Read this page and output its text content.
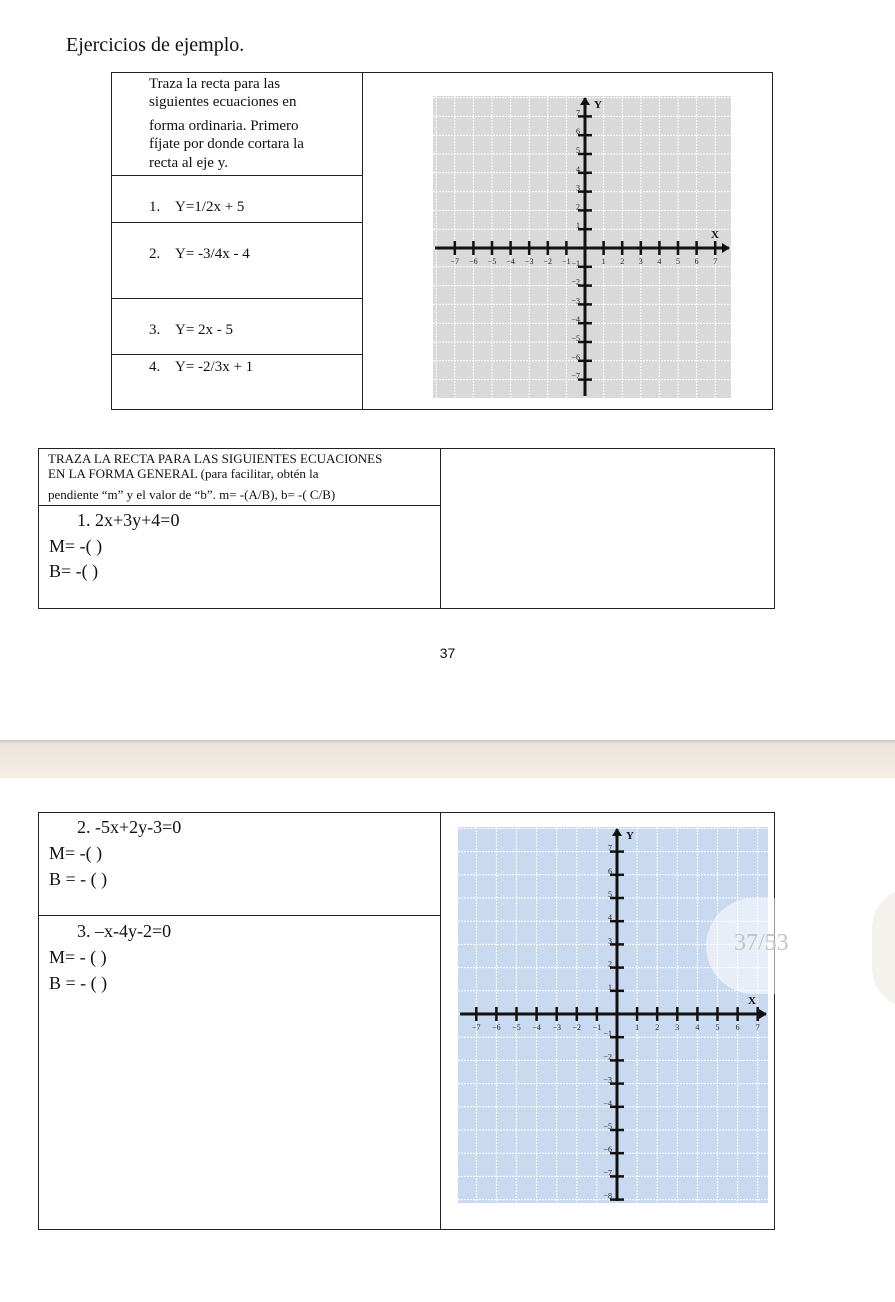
Ejercicios de ejemplo.
Traza la recta para las
siguientes ecuaciones en
forma ordinaria. Primero
fíjate por donde cortara la
recta al eje y.
1. Y=1/2x + 5
2. Y= -3/4x - 4
3. Y= 2x - 5
4. Y= -2/3x + 1
−7 −6 −5 −4 −3 −2 −1	1 2 3 4 5 6 7
7
6
5
4
3
2
1
−1
−2
−3
−4
−5
−6
−7
X
Y
TRAZA LA RECTA PARA LAS SIGUIENTES ECUACIONES
EN LA FORMA GENERAL (para facilitar, obtén la
pendiente “m” y el valor de “b”. m= -(A/B), b= -( C/B)
1. 2x+3y+4=0
M= -( )
B= -( )
37
2. -5x+2y-3=0
M= -( )
B = - ( )
3. –x-4y-2=0
M= - ( )
B = - ( )
−7 −6 −5 −4 −3 −2 −1	1 2 3 4 5 6 7
7
6
5
4
3
2
1
−1
−2
−3
−4
−5
−6
−7
−8
X
Y
37/53
